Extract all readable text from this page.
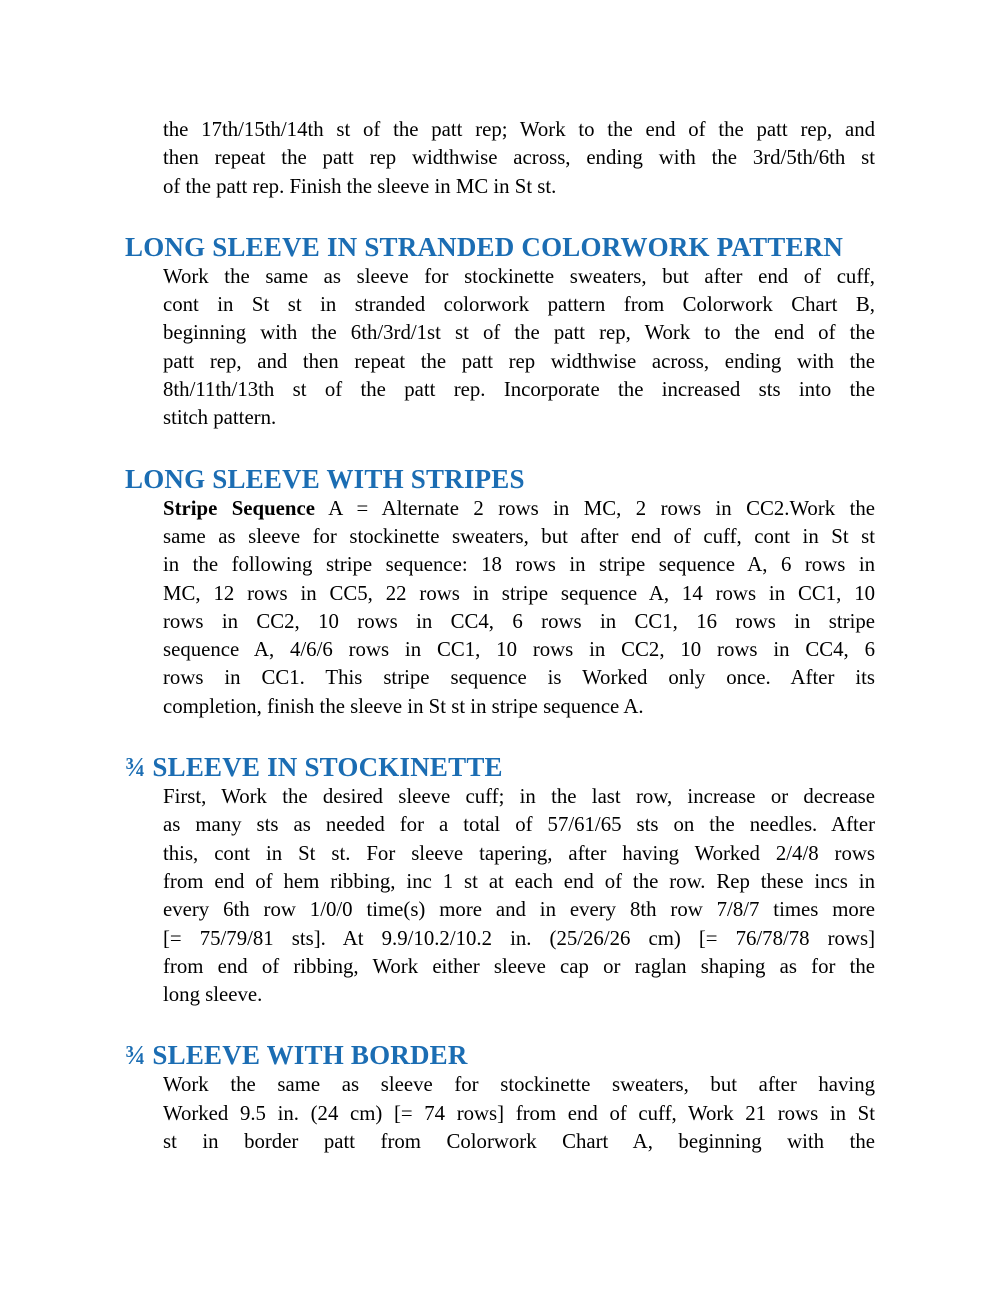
the 17th/15th/14th st of the patt rep; Work to the end of the patt rep, and
then repeat the patt rep widthwise across, ending with the 3rd/5th/6th st
of the patt rep. Finish the sleeve in MC in St st.
LONG SLEEVE IN STRANDED COLORWORK PATTERN
Work the same as sleeve for stockinette sweaters, but after end of cuff,
cont in St st in stranded colorwork pattern from Colorwork Chart B,
beginning with the 6th/3rd/1st st of the patt rep, Work to the end of the
patt rep, and then repeat the patt rep widthwise across, ending with the
8th/11th/13th st of the patt rep. Incorporate the increased sts into the
stitch pattern.
LONG SLEEVE WITH STRIPES
Stripe Sequence A = Alternate 2 rows in MC, 2 rows in CC2.Work the
same as sleeve for stockinette sweaters, but after end of cuff, cont in St st
in the following stripe sequence: 18 rows in stripe sequence A, 6 rows in
MC, 12 rows in CC5, 22 rows in stripe sequence A, 14 rows in CC1, 10
rows in CC2, 10 rows in CC4, 6 rows in CC1, 16 rows in stripe
sequence A, 4/6/6 rows in CC1, 10 rows in CC2, 10 rows in CC4, 6
rows in CC1. This stripe sequence is Worked only once. After its
completion, finish the sleeve in St st in stripe sequence A.
¾ SLEEVE IN STOCKINETTE
First, Work the desired sleeve cuff; in the last row, increase or decrease
as many sts as needed for a total of 57/61/65 sts on the needles. After
this, cont in St st. For sleeve tapering, after having Worked 2/4/8 rows
from end of hem ribbing, inc 1 st at each end of the row. Rep these incs in
every 6th row 1/0/0 time(s) more and in every 8th row 7/8/7 times more
[= 75/79/81 sts]. At 9.9/10.2/10.2 in. (25/26/26 cm) [= 76/78/78 rows]
from end of ribbing, Work either sleeve cap or raglan shaping as for the
long sleeve.
¾ SLEEVE WITH BORDER
Work the same as sleeve for stockinette sweaters, but after having
Worked 9.5 in. (24 cm) [= 74 rows] from end of cuff, Work 21 rows in St
st in border patt from Colorwork Chart A, beginning with the
